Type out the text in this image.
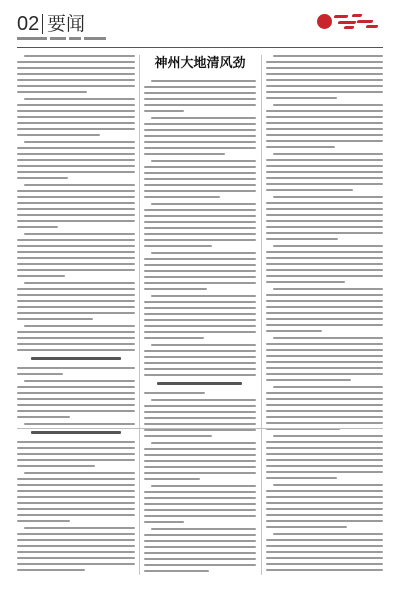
02 要闻
神州大地清风劲
